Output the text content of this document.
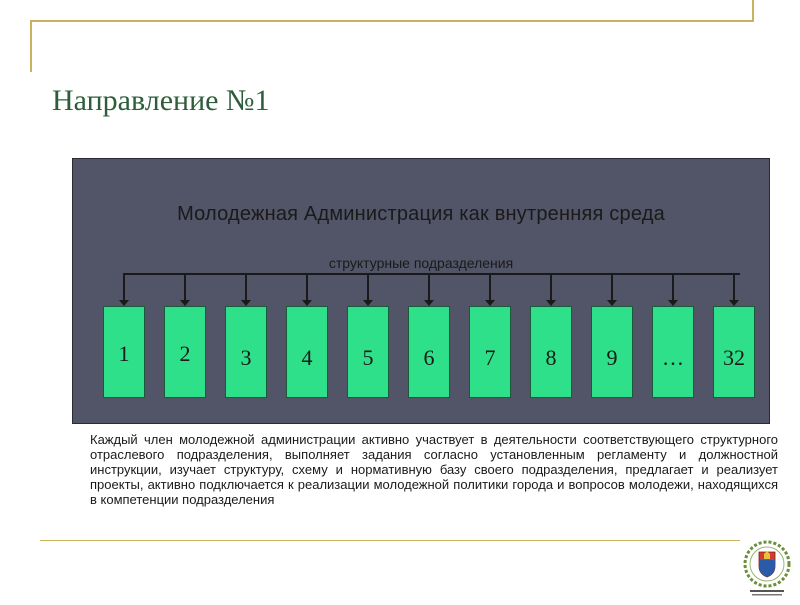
Направление №1
Молодежная Администрация как внутренняя среда
структурные подразделения
1	2	3	4	5	6	7	8	9	…	32
Каждый член молодежной администрации активно участвует в деятельности соответствующего структурного отраслевого подразделения, выполняет задания согласно установленным регламенту и должностной инструкции, изучает структуру, схему и нормативную базу своего подразделения, предлагает и реализует проекты, активно подключается к реализации молодежной политики города и вопросов молодежи, находящихся в компетенции подразделения
